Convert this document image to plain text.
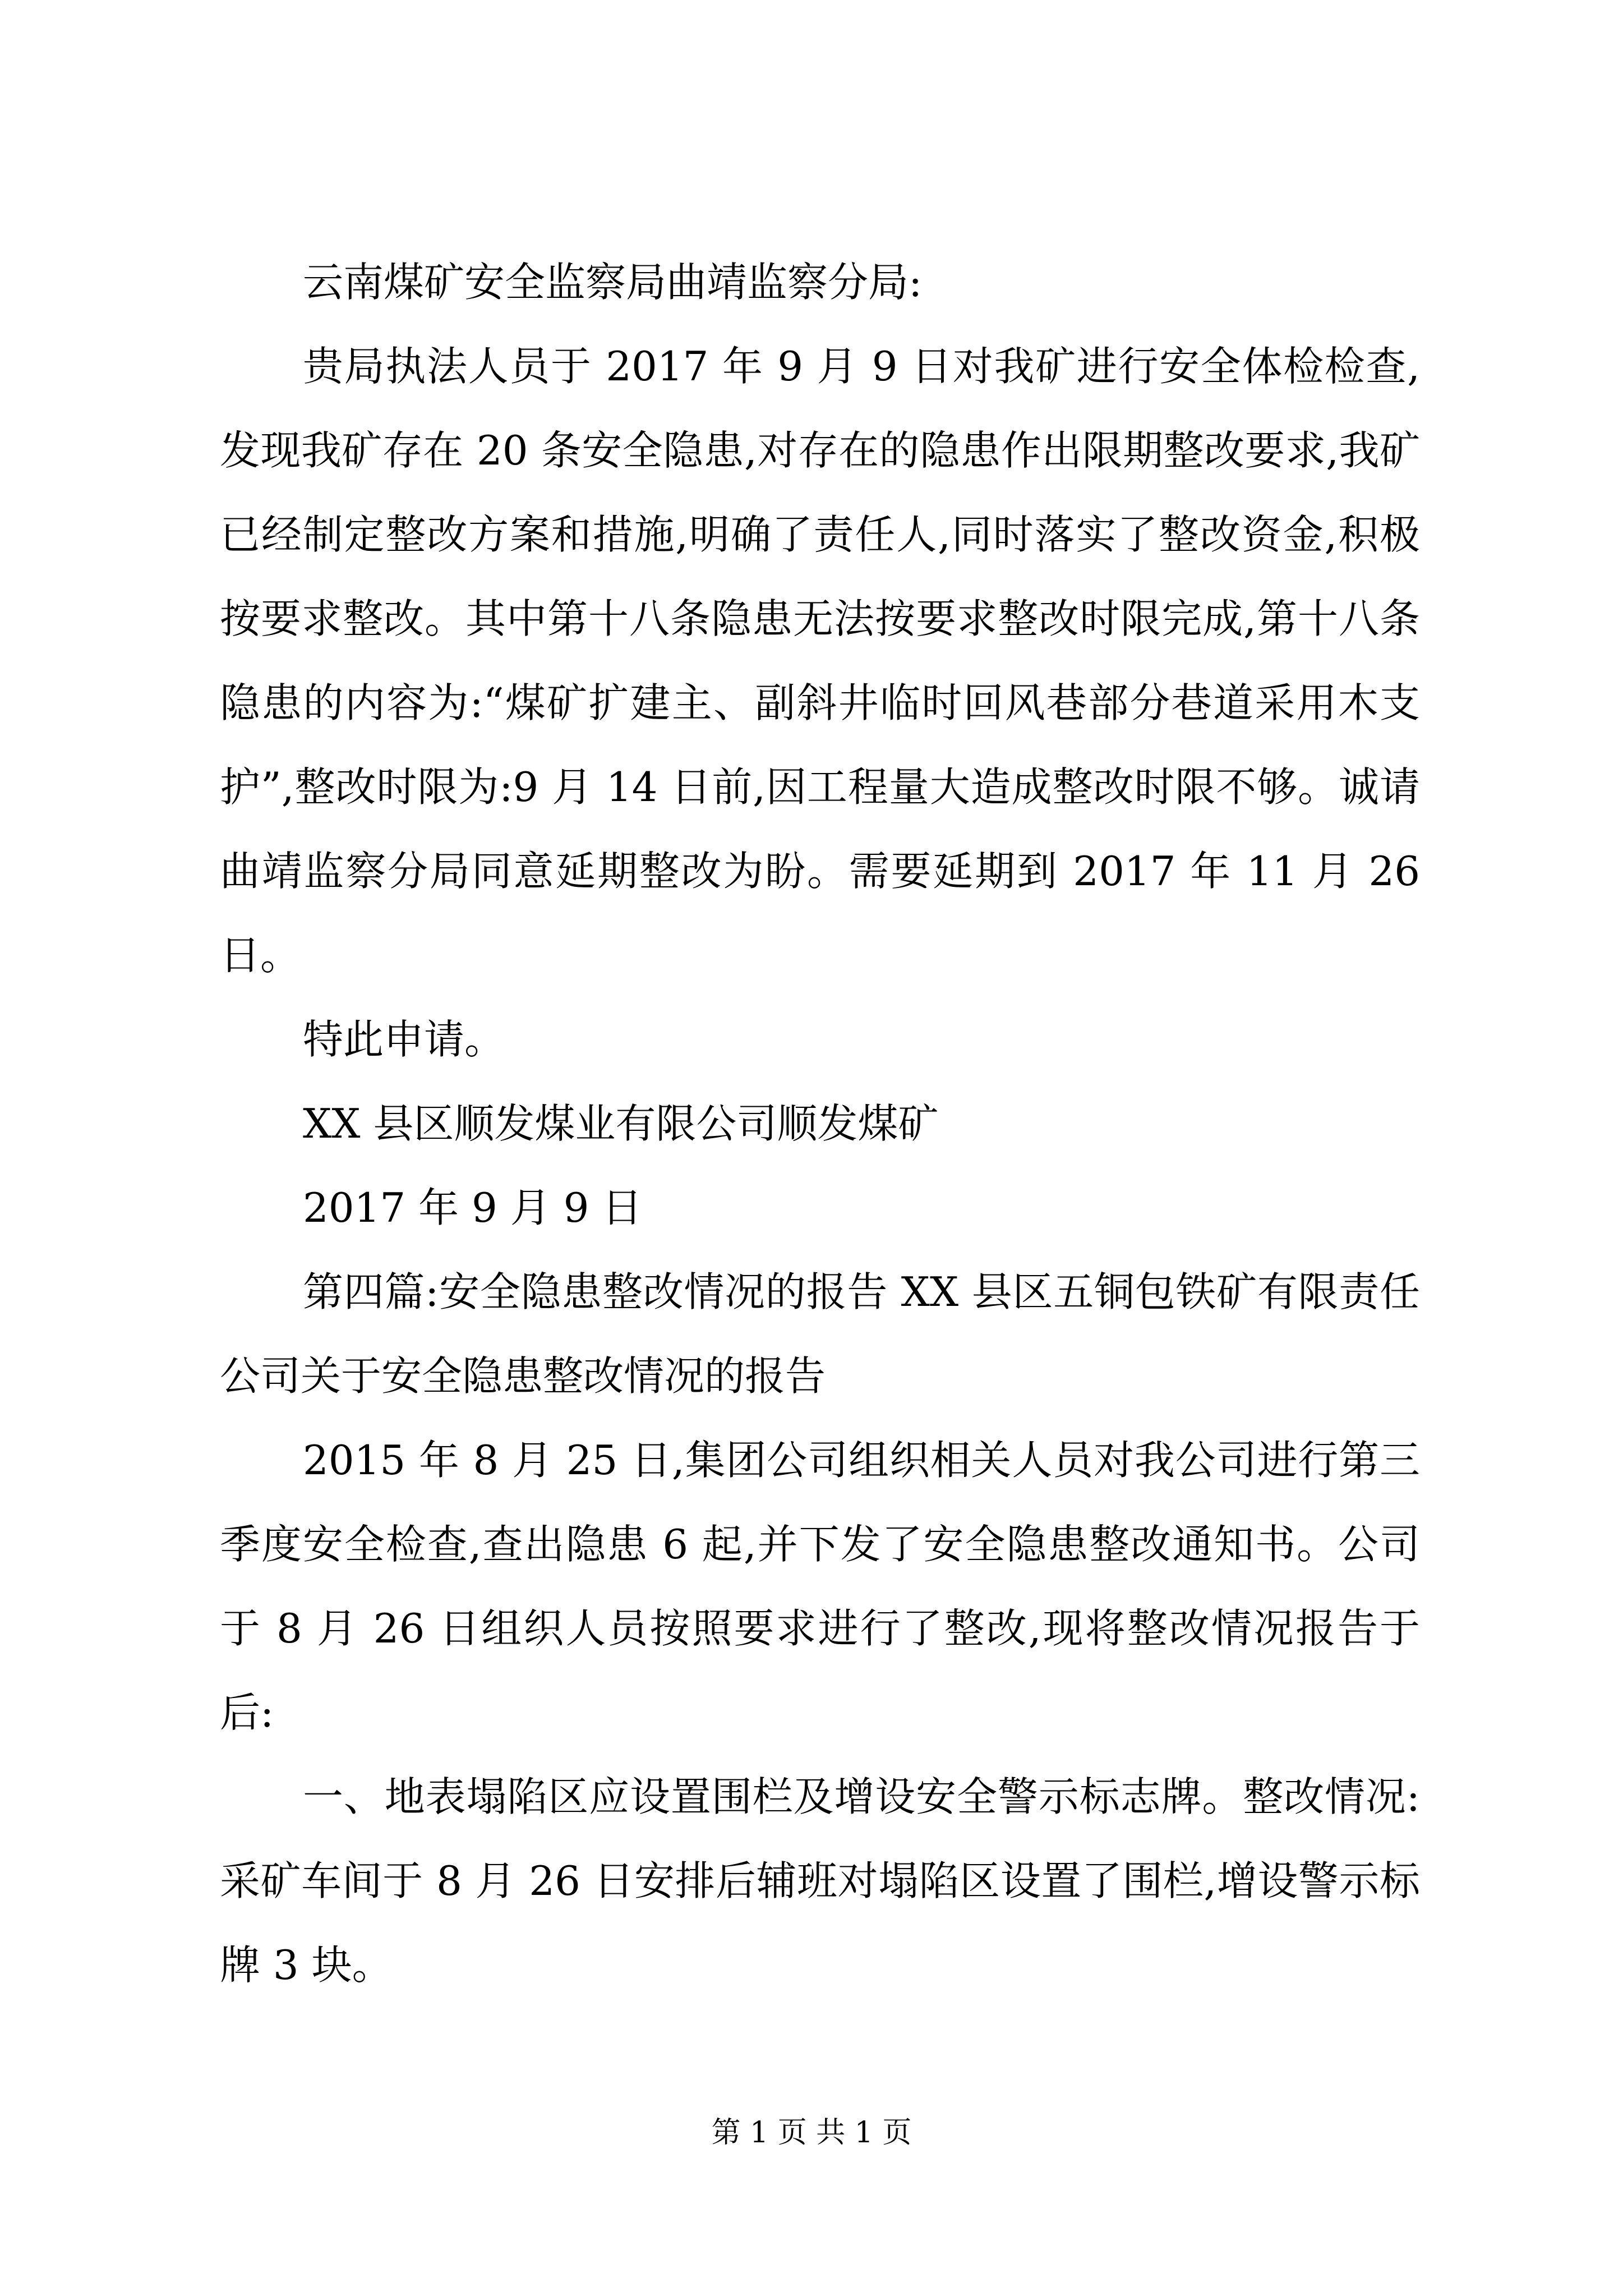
云南煤矿安全监察局曲靖监察分局:

贵局执法人员于 2017 年 9 月 9 日对我矿进行安全体检检查,发现我矿存在 20 条安全隐患,对存在的隐患作出限期整改要求,我矿已经制定整改方案和措施,明确了责任人,同时落实了整改资金,积极按要求整改。其中第十八条隐患无法按要求整改时限完成,第十八条隐患的内容为:“煤矿扩建主、副斜井临时回风巷部分巷道采用木支护”,整改时限为:9 月 14 日前,因工程量大造成整改时限不够。诚请曲靖监察分局同意延期整改为盼。需要延期到 2017 年 11 月 26 日。

特此申请。

XX 县区顺发煤业有限公司顺发煤矿

2017 年 9 月 9 日

第四篇:安全隐患整改情况的报告 XX 县区五铜包铁矿有限责任公司关于安全隐患整改情况的报告

2015 年 8 月 25 日,集团公司组织相关人员对我公司进行第三季度安全检查,查出隐患 6 起,并下发了安全隐患整改通知书。公司于 8 月 26 日组织人员按照要求进行了整改,现将整改情况报告于后:

一、地表塌陷区应设置围栏及增设安全警示标志牌。整改情况:采矿车间于 8 月 26 日安排后辅班对塌陷区设置了围栏,增设警示标牌 3 块。

第 1 页 共 1 页
